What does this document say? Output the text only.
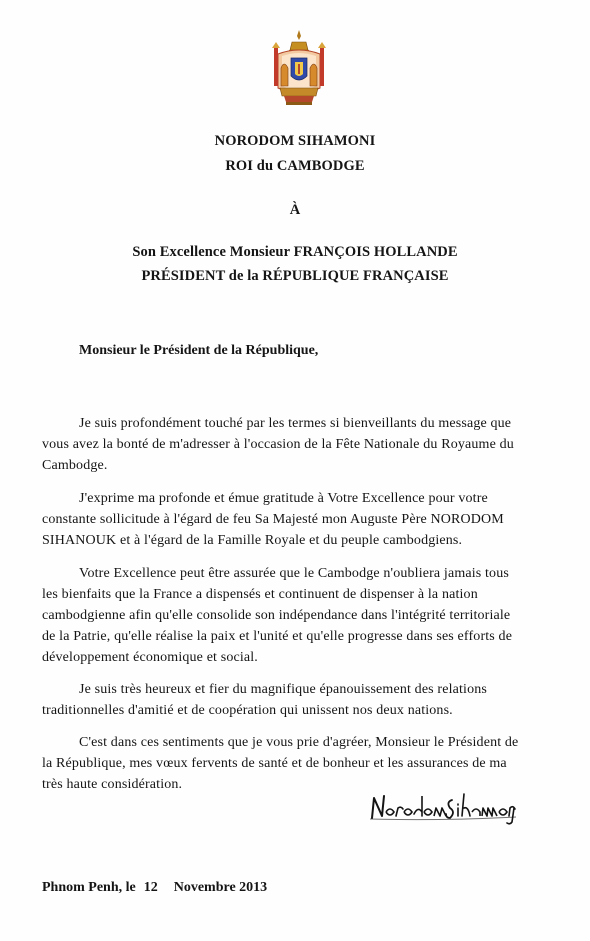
NORODOM SIHAMONI
ROI du CAMBODGE
À
Son Excellence Monsieur FRANÇOIS HOLLANDE
PRÉSIDENT de la RÉPUBLIQUE FRANÇAISE
Monsieur le Président de la République,
Je suis profondément touché par les termes si bienveillants du message que
vous avez la bonté de m'adresser à l'occasion de la Fête Nationale du Royaume du
Cambodge.
J'exprime ma profonde et émue gratitude à Votre Excellence pour votre
constante sollicitude à l'égard de feu Sa Majesté mon Auguste Père NORODOM
SIHANOUK et à l'égard de la Famille Royale et du peuple cambodgiens.
Votre Excellence peut être assurée que le Cambodge n'oubliera jamais tous
les bienfaits que la France a dispensés et continuent de dispenser à la nation
cambodgienne afin qu'elle consolide son indépendance dans l'intégrité territoriale
de la Patrie, qu'elle réalise la paix et l'unité et qu'elle progresse dans ses efforts de
développement économique et social.
Je suis très heureux et fier du magnifique épanouissement des relations
traditionnelles d'amitié et de coopération qui unissent nos deux nations.
C'est dans ces sentiments que je vous prie d'agréer, Monsieur le Président de
la République, mes vœux fervents de santé et de bonheur et les assurances de ma
très haute considération.
Phnom Penh, le 12 Novembre 2013
